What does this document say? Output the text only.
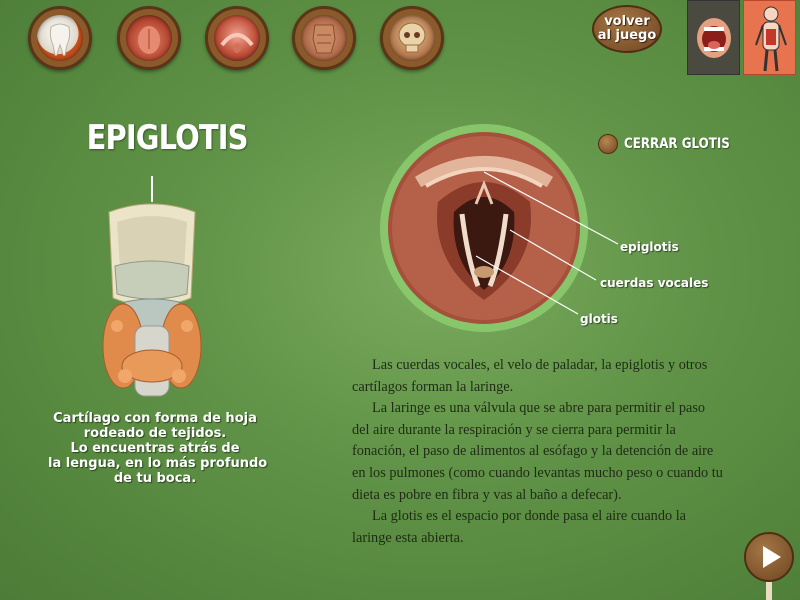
volver
al juego
EPIGLOTIS
Cartílago con forma de hoja
rodeado de tejidos.
Lo encuentras atrás de
la lengua, en lo más profundo
de tu boca.
CERRAR GLOTIS
epiglotis
cuerdas vocales
glotis

Las cuerdas vocales, el velo de paladar, la epiglotis y otros cartílagos forman la laringe.

La laringe es una válvula que se abre para permitir el paso del aire durante la respiración y se cierra para permitir la fonación, el paso de alimentos al esófago y la detención de aire en los pulmones (como cuando levantas mucho peso o cuando tu dieta es pobre en fibra y vas al baño a defecar).

La glotis es el espacio por donde pasa el aire cuando la laringe esta abierta.
